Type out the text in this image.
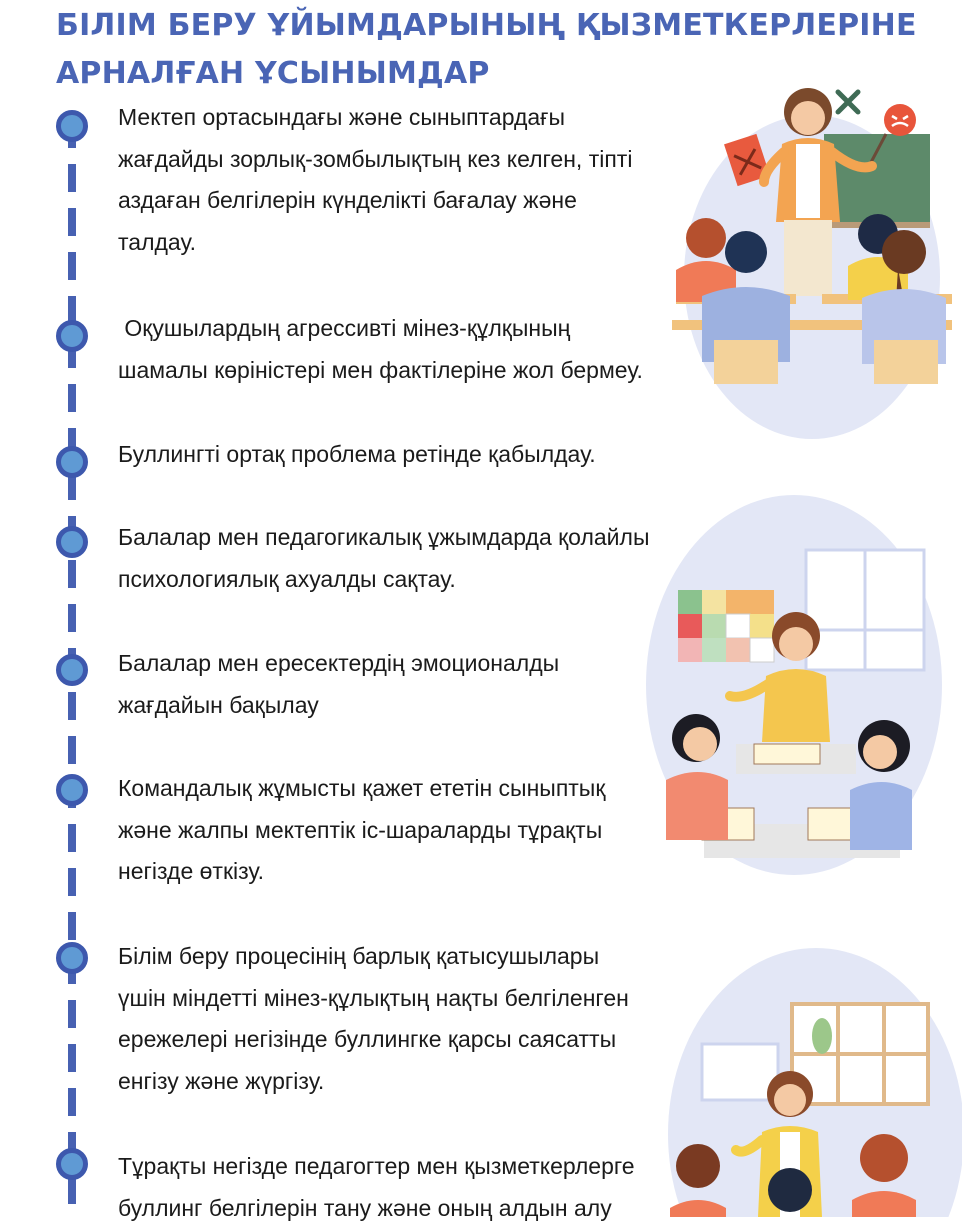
БІЛІМ БЕРУ ҰЙЫМДАРЫНЫҢ ҚЫЗМЕТКЕРЛЕРІНЕ
АРНАЛҒАН ҰСЫНЫМДАР
Мектеп ортасындағы және сыныптардағы
жағдайды зорлық-зомбылықтың кез келген, тіпті
аздаған белгілерін күнделікті бағалау және
талдау.
Оқушылардың агрессивті мінез-құлқының
шамалы көріністері мен фактілеріне жол бермеу.
Буллингті ортақ проблема ретінде қабылдау.
Балалар мен педагогикалық ұжымдарда қолайлы
психологиялық ахуалды сақтау.
Балалар мен ересектердің эмоционалды
жағдайын бақылау
Командалық жұмысты қажет ететін сыныптық
және жалпы мектептік іс-шараларды тұрақты
негізде өткізу.
Білім беру процесінің барлық қатысушылары
үшін міндетті мінез-құлықтың нақты белгіленген
ережелері негізінде буллингке қарсы саясатты
енгізу және жүргізу.
Тұрақты негізде педагогтер мен қызметкерлерге
буллинг белгілерін тану және оның алдын алу
